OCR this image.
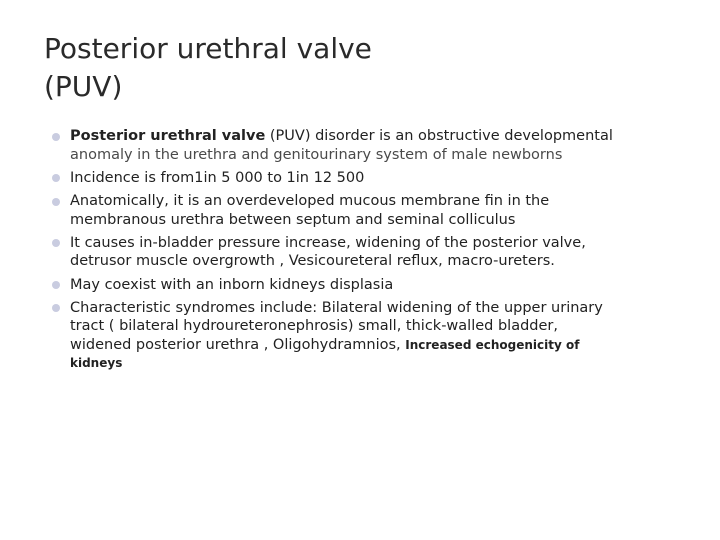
Posterior urethral valve
(PUV)
Posterior urethral valve (PUV) disorder is an obstructive developmental
anomaly in the urethra and genitourinary system of male newborns
Incidence is from1in 5 000 to 1in 12 500
Anatomically, it is an overdeveloped mucous membrane fin in the
membranous urethra between septum and seminal colliculus
It causes in-bladder pressure increase, widening of the posterior valve,
detrusor muscle overgrowth , Vesicoureteral reflux, macro-ureters.
May coexist with an inborn kidneys displasia
Characteristic syndromes include: Bilateral widening of the upper urinary
tract ( bilateral hydroureteronephrosis) small, thick-walled bladder,
widened posterior urethra , Oligohydramnios, Increased echogenicity of
kidneys
